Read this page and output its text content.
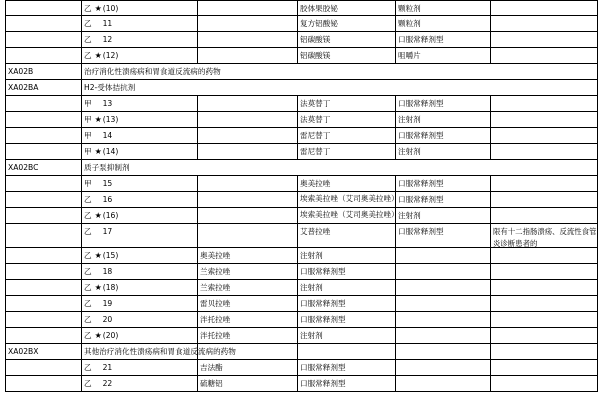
乙 ★(10)	胶体果胶铋	颗粒剂
乙 11	复方铝酸铋	颗粒剂
乙 12	铝碳酸镁	口服常释剂型
乙 ★(12)	铝碳酸镁	咀嚼片
XA02B	治疗消化性溃疡病和胃食道反流病的药物
XA02BA	H2-受体拮抗剂
甲 13	法莫替丁	口服常释剂型
甲 ★(13)	法莫替丁	注射剂
甲 14	雷尼替丁	口服常释剂型
甲 ★(14)	雷尼替丁	注射剂
XA02BC	质子泵抑制剂
甲 15	奥美拉唑	口服常释剂型
乙 16	埃索美拉唑（艾司奥美拉唑） 口服常释剂型
乙 ★(16)	埃索美拉唑（艾司奥美拉唑） 注射剂
乙 17	艾普拉唑	口服常释剂型	限有十二指肠溃疡、反流性食管炎诊断患者的
乙 ★(15)	奥美拉唑	注射剂
乙 18	兰索拉唑	口服常释剂型
乙 ★(18)	兰索拉唑	注射剂
乙 19	雷贝拉唑	口服常释剂型
乙 20	泮托拉唑	口服常释剂型
乙 ★(20)	泮托拉唑	注射剂
XA02BX	其他治疗消化性溃疡病和胃食道反流病的药物
乙 21	吉法酯	口服常释剂型
乙 22	硫糖铝	口服常释剂型
